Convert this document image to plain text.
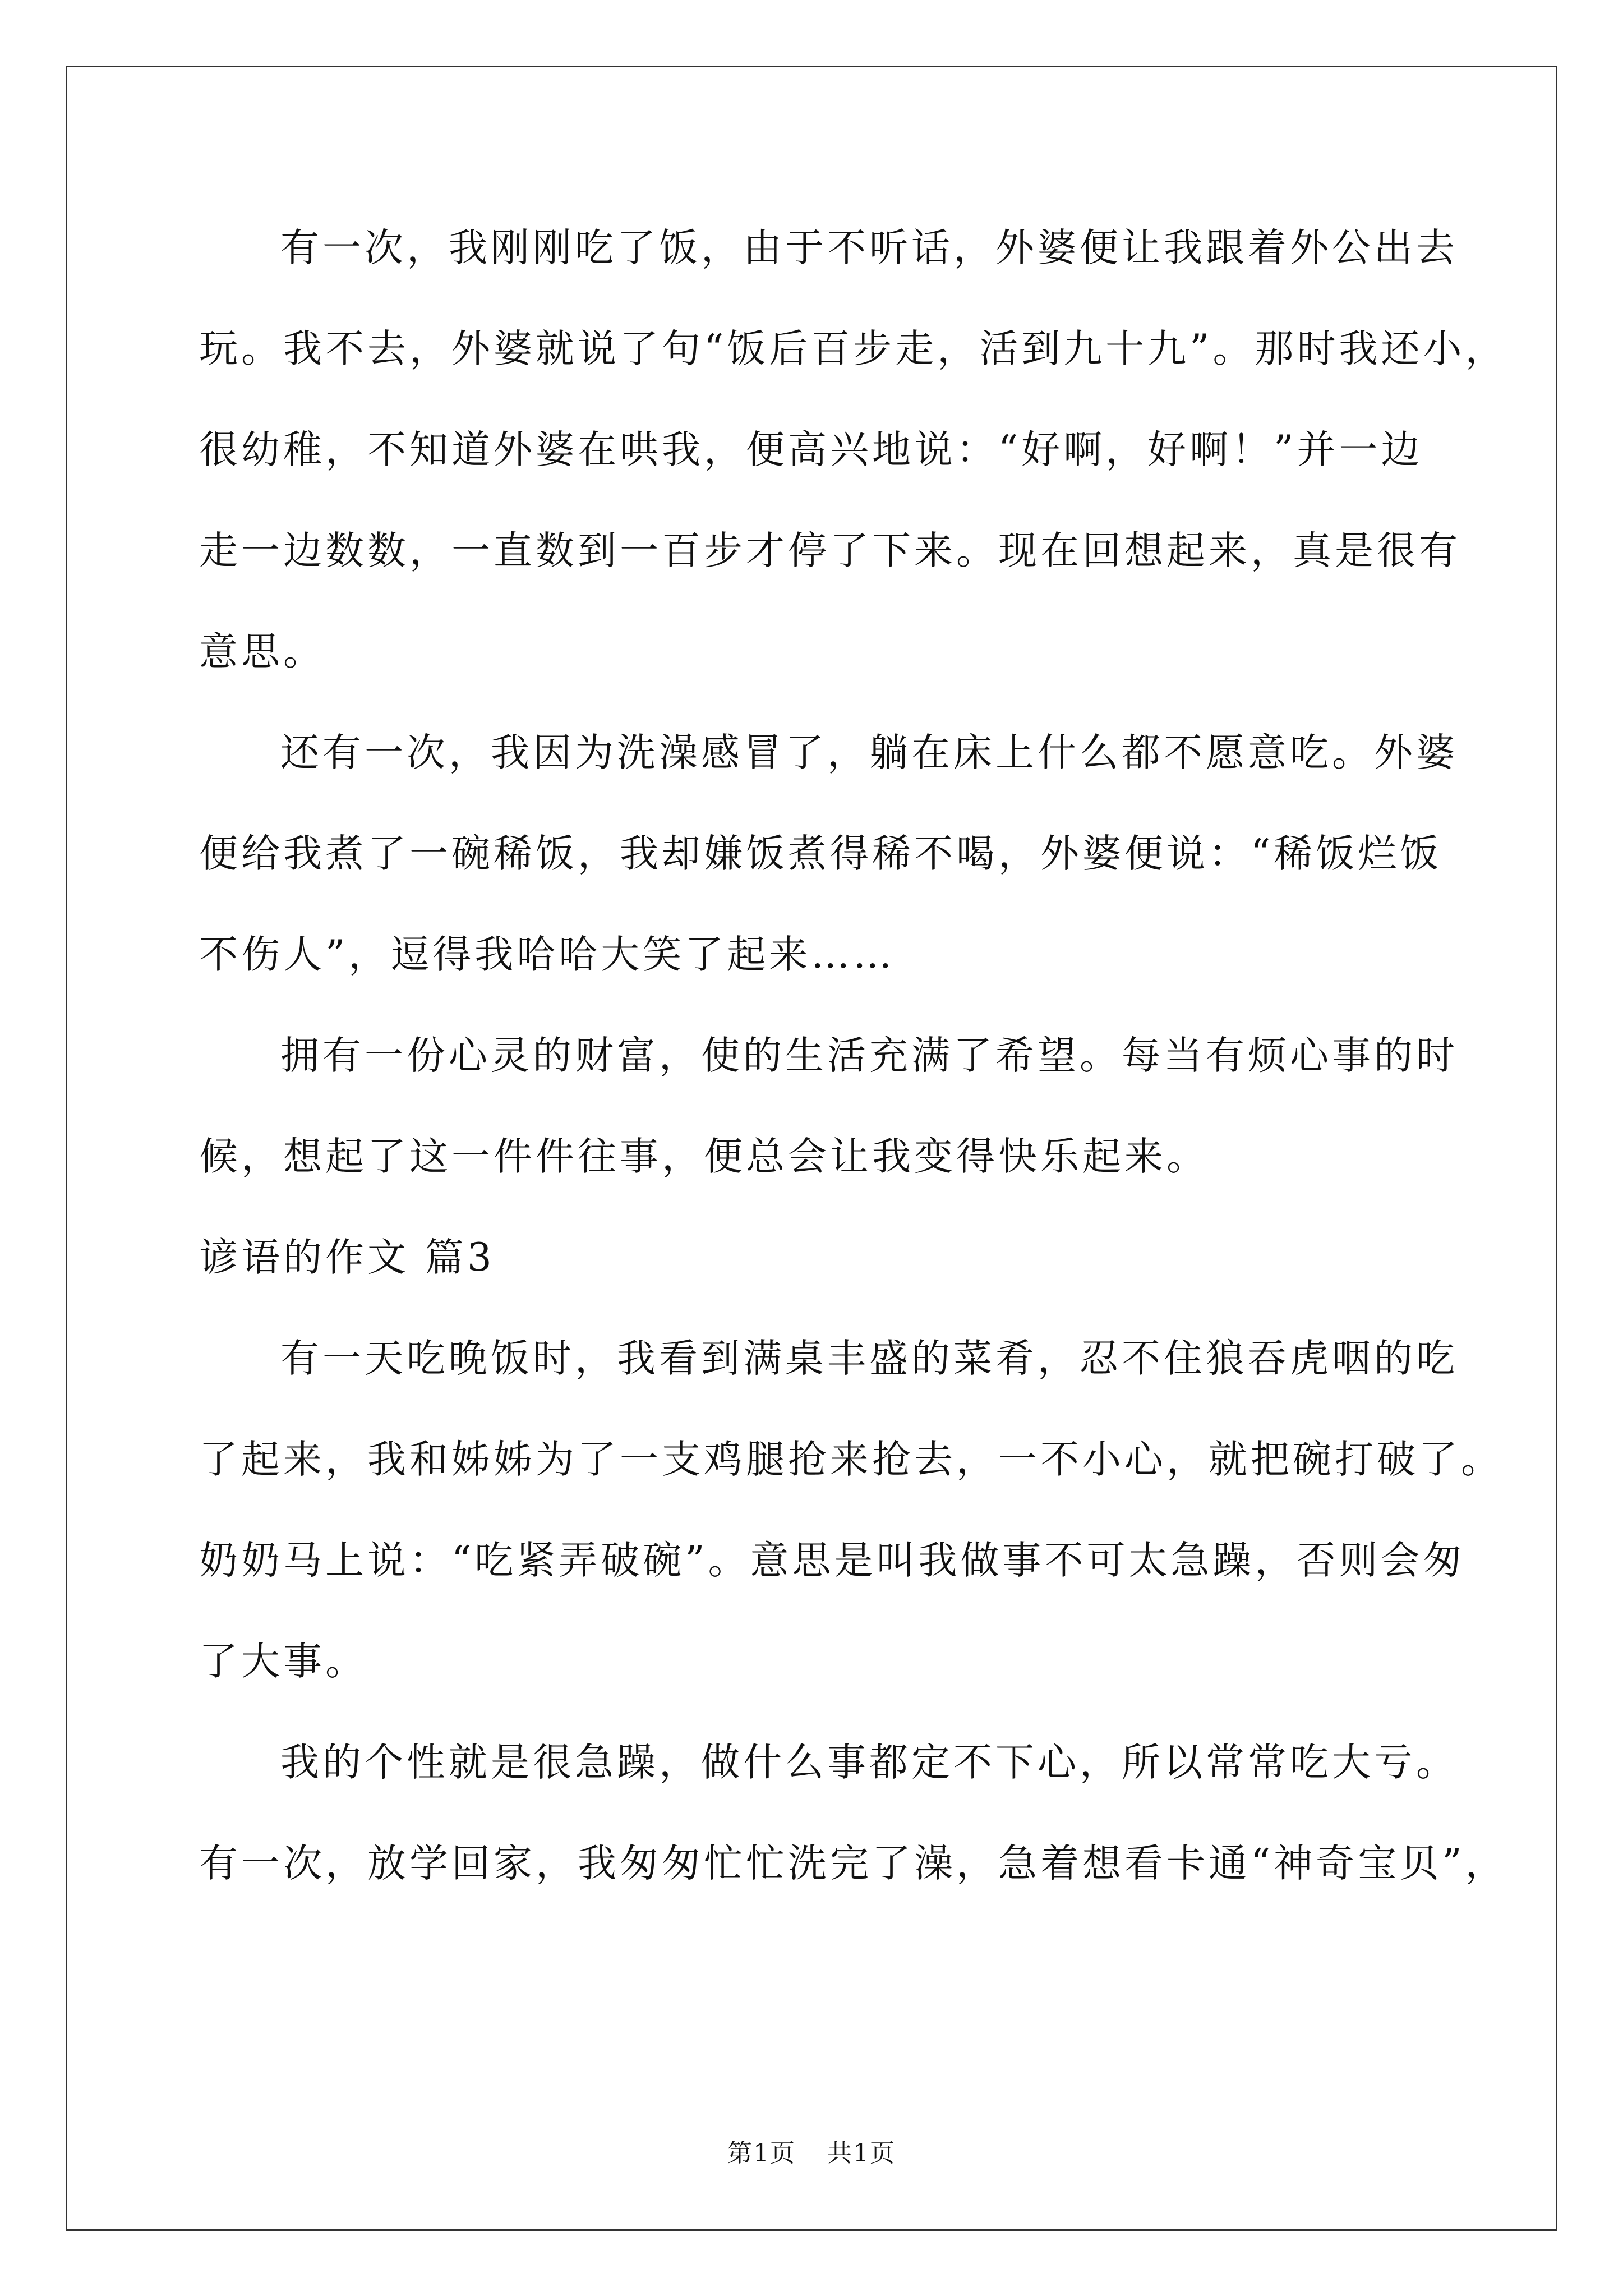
有一次，我刚刚吃了饭，由于不听话，外婆便让我跟着外公出去
玩。我不去，外婆就说了句“饭后百步走，活到九十九”。那时我还小，
很幼稚，不知道外婆在哄我，便高兴地说：“好啊，好啊！”并一边
走一边数数，一直数到一百步才停了下来。现在回想起来，真是很有
意思。
还有一次，我因为洗澡感冒了，躺在床上什么都不愿意吃。外婆
便给我煮了一碗稀饭，我却嫌饭煮得稀不喝，外婆便说：“稀饭烂饭
不伤人”，逗得我哈哈大笑了起来……
拥有一份心灵的财富，使的生活充满了希望。每当有烦心事的时
候，想起了这一件件往事，便总会让我变得快乐起来。
谚语的作文 篇3
有一天吃晚饭时，我看到满桌丰盛的菜肴，忍不住狼吞虎咽的吃
了起来，我和姊姊为了一支鸡腿抢来抢去，一不小心，就把碗打破了。
奶奶马上说：“吃紧弄破碗”。意思是叫我做事不可太急躁，否则会匆
了大事。
我的个性就是很急躁，做什么事都定不下心，所以常常吃大亏。
有一次，放学回家，我匆匆忙忙洗完了澡，急着想看卡通“神奇宝贝”，
第1页 共1页
